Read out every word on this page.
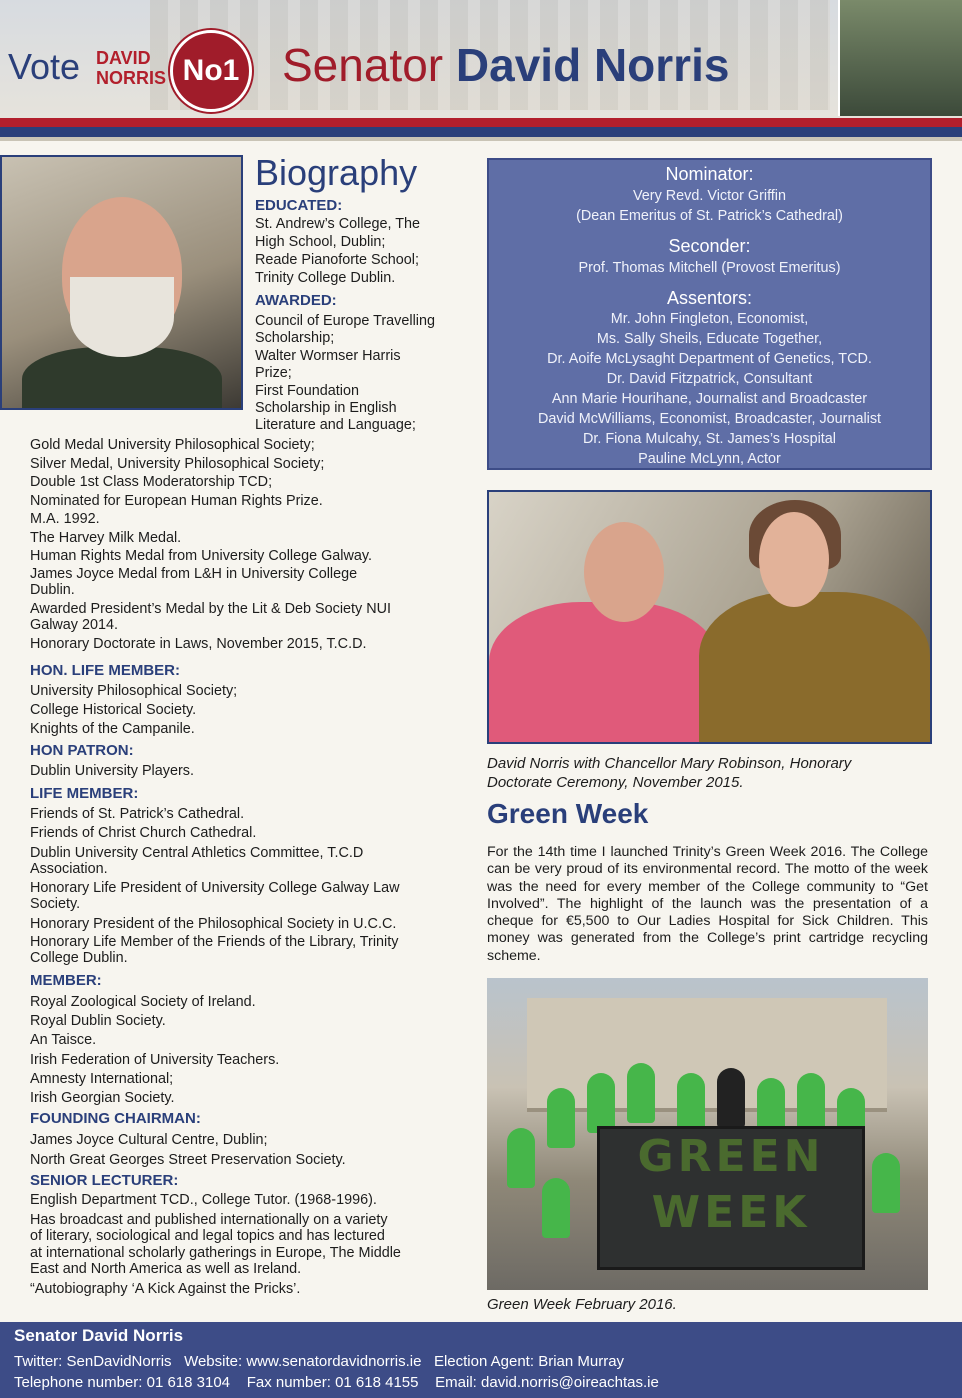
Vote DAVID
NORRIS No1 Senator David Norris
Biography
EDUCATED:
St. Andrew’s College, The
High School, Dublin;
Reade Pianoforte School;
Trinity College Dublin.
AWARDED:
Council of Europe Travelling
Scholarship;
Walter Wormser Harris
Prize;
First Foundation
Scholarship in English
Literature and Language;
Gold Medal University Philosophical Society;
Silver Medal, University Philosophical Society;
Double 1st Class Moderatorship TCD;
Nominated for European Human Rights Prize.
M.A. 1992.
The Harvey Milk Medal.
Human Rights Medal from University College Galway.
James Joyce Medal from L&H in University College
Dublin.
Awarded President’s Medal by the Lit & Deb Society NUI
Galway 2014.
Honorary Doctorate in Laws, November 2015, T.C.D.
HON. LIFE MEMBER:
University Philosophical Society;
College Historical Society.
Knights of the Campanile.
HON PATRON:
Dublin University Players.
LIFE MEMBER:
Friends of St. Patrick’s Cathedral.
Friends of Christ Church Cathedral.
Dublin University Central Athletics Committee, T.C.D
Association.
Honorary Life President of University College Galway Law
Society.
Honorary President of the Philosophical Society in U.C.C.
Honorary Life Member of the Friends of the Library, Trinity
College Dublin.
MEMBER:
Royal Zoological Society of Ireland.
Royal Dublin Society.
An Taisce.
Irish Federation of University Teachers.
Amnesty International;
Irish Georgian Society.
FOUNDING CHAIRMAN:
James Joyce Cultural Centre, Dublin;
North Great Georges Street Preservation Society.
SENIOR LECTURER:
English Department TCD., College Tutor. (1968-1996).
Has broadcast and published internationally on a variety
of literary, sociological and legal topics and has lectured
at international scholarly gatherings in Europe, The Middle
East and North America as well as Ireland.
“Autobiography ‘A Kick Against the Pricks’.
Nominator:
Very Revd. Victor Griffin
(Dean Emeritus of St. Patrick’s Cathedral)
Seconder:
Prof. Thomas Mitchell (Provost Emeritus)
Assentors:
Mr. John Fingleton, Economist,
Ms. Sally Sheils, Educate Together,
Dr. Aoife McLysaght Department of Genetics, TCD.
Dr. David Fitzpatrick, Consultant
Ann Marie Hourihane, Journalist and Broadcaster
David McWilliams, Economist, Broadcaster, Journalist
Dr. Fiona Mulcahy, St. James’s Hospital
Pauline McLynn, Actor
David Norris with Chancellor Mary Robinson, Honorary
Doctorate Ceremony, November 2015.
Green Week
For the 14th time I launched Trinity’s Green Week 2016. The College can be very proud of its environmental record. The motto of the week was the need for every member of the College community to “Get Involved”. The highlight of the launch was the presentation of a cheque for €5,500 to Our Ladies Hospital for Sick Children. This money was generated from the College’s print cartridge recycling scheme.
GREEN
WEEK
Green Week February 2016.
Senator David Norris
Twitter: SenDavidNorris Website: www.senatordavidnorris.ie Election Agent: Brian Murray
Telephone number: 01 618 3104 Fax number: 01 618 4155 Email: david.norris@oireachtas.ie
